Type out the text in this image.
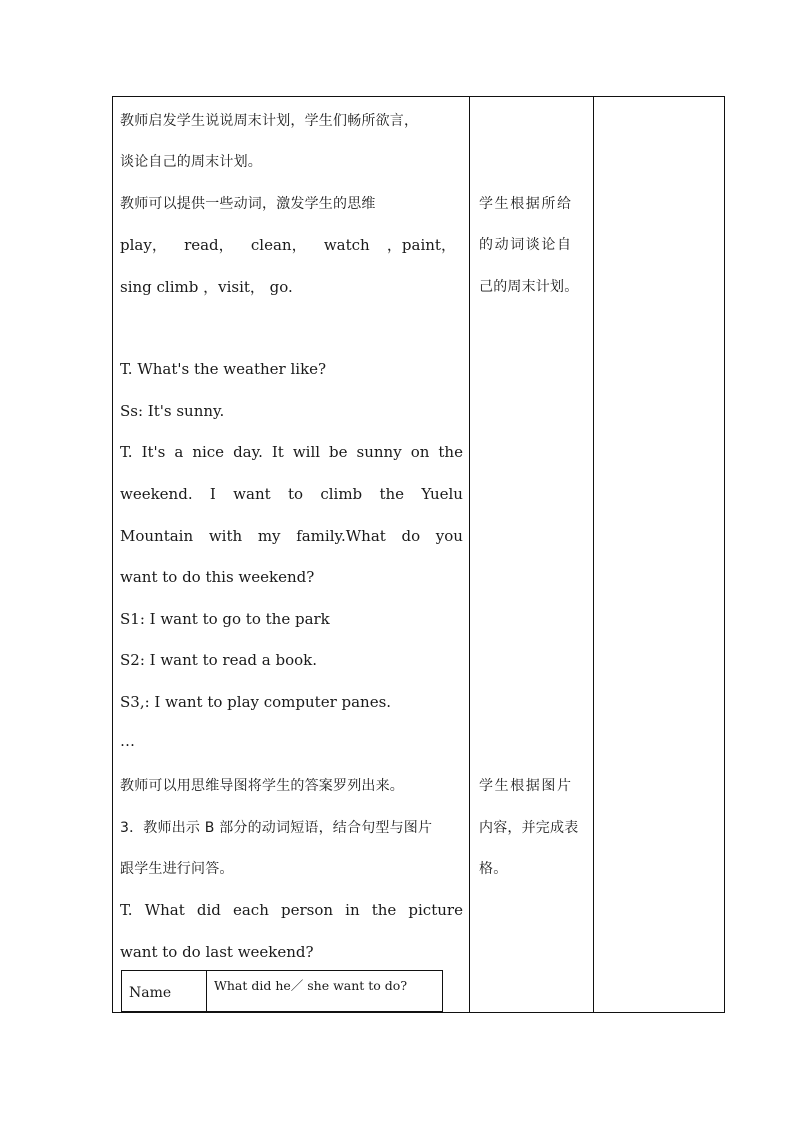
教师启发学生说说周末计划，学生们畅所欲言，
谈论自己的周末计划。
教师可以提供一些动词，激发学生的思维
play， read， clean， watch ，paint，
sing climb ，visit， go.
T. What's the weather like?
Ss: It's sunny.
T. It's a nice day. It will be sunny on the
weekend. I want to climb the Yuelu
Mountain with my family.What do you
want to do this weekend?
S1: I want to go to the park
S2: I want to read a book.
S3,: I want to play computer panes.
…
教师可以用思维导图将学生的答案罗列出来。
3．教师出示 B 部分的动词短语，结合句型与图片
跟学生进行问答。
T. What did each person in the picture
want to do last weekend?
Name	What did he／ she want to do?
学生根据所给
的动词谈论自
己的周末计划。
学生根据图片
内容，并完成表
格。
